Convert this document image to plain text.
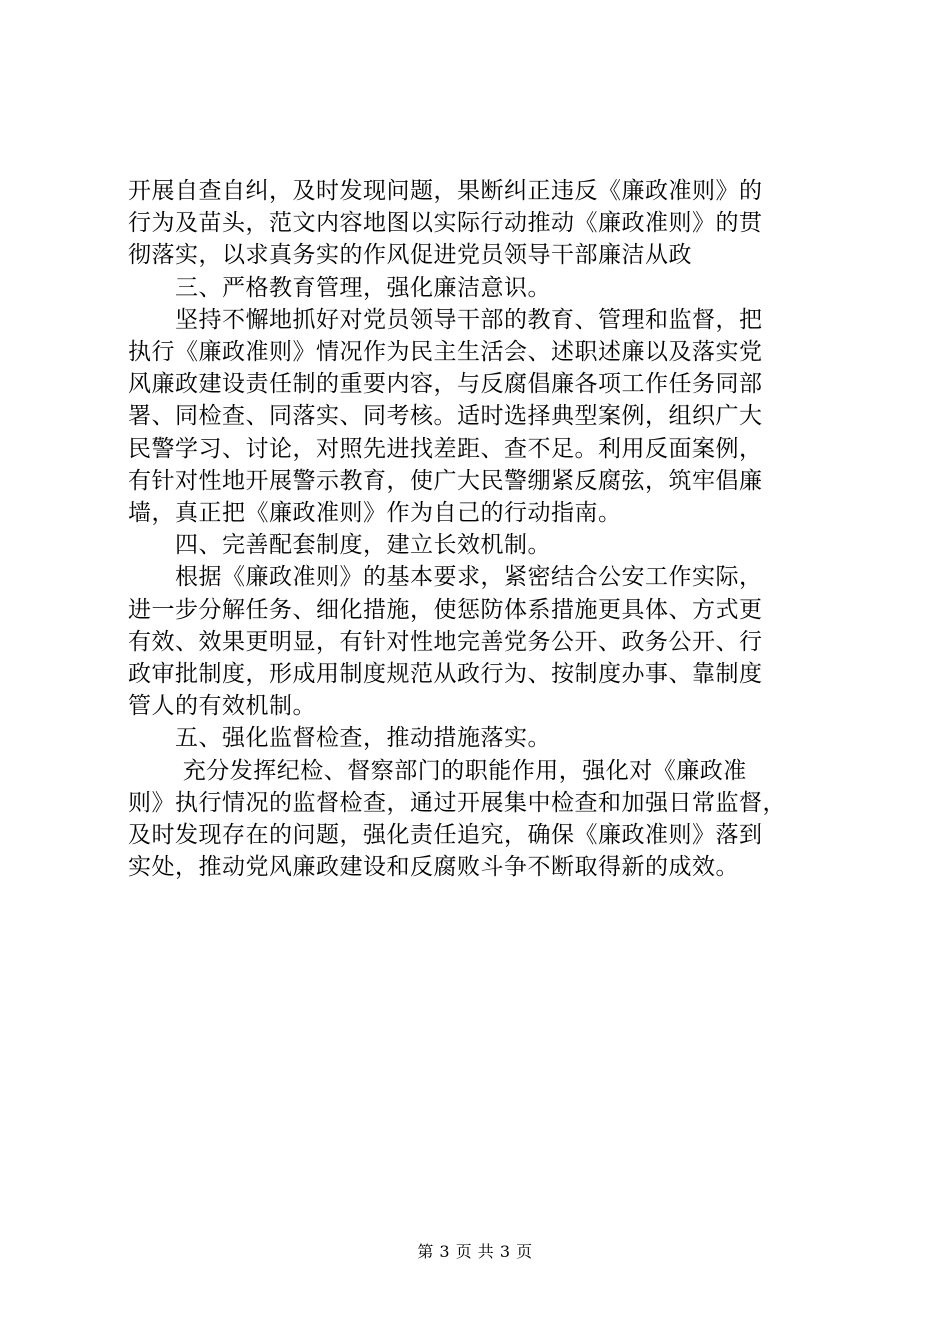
开展自查自纠，及时发现问题，果断纠正违反《廉政准则》的
行为及苗头，范文内容地图以实际行动推动《廉政准则》的贯
彻落实，以求真务实的作风促进党员领导干部廉洁从政
　　三、严格教育管理，强化廉洁意识。
　　坚持不懈地抓好对党员领导干部的教育、管理和监督，把
执行《廉政准则》情况作为民主生活会、述职述廉以及落实党
风廉政建设责任制的重要内容，与反腐倡廉各项工作任务同部
署、同检查、同落实、同考核。适时选择典型案例，组织广大
民警学习、讨论，对照先进找差距、查不足。利用反面案例，
有针对性地开展警示教育，使广大民警绷紧反腐弦，筑牢倡廉
墙，真正把《廉政准则》作为自己的行动指南。
　　四、完善配套制度，建立长效机制。
　　根据《廉政准则》的基本要求，紧密结合公安工作实际，
进一步分解任务、细化措施，使惩防体系措施更具体、方式更
有效、效果更明显，有针对性地完善党务公开、政务公开、行
政审批制度，形成用制度规范从政行为、按制度办事、靠制度
管人的有效机制。
　　五、强化监督检查，推动措施落实。
　　 充分发挥纪检、督察部门的职能作用，强化对《廉政准
则》执行情况的监督检查，通过开展集中检查和加强日常监督，
及时发现存在的问题，强化责任追究，确保《廉政准则》落到
实处，推动党风廉政建设和反腐败斗争不断取得新的成效。
第 3 页 共 3 页
